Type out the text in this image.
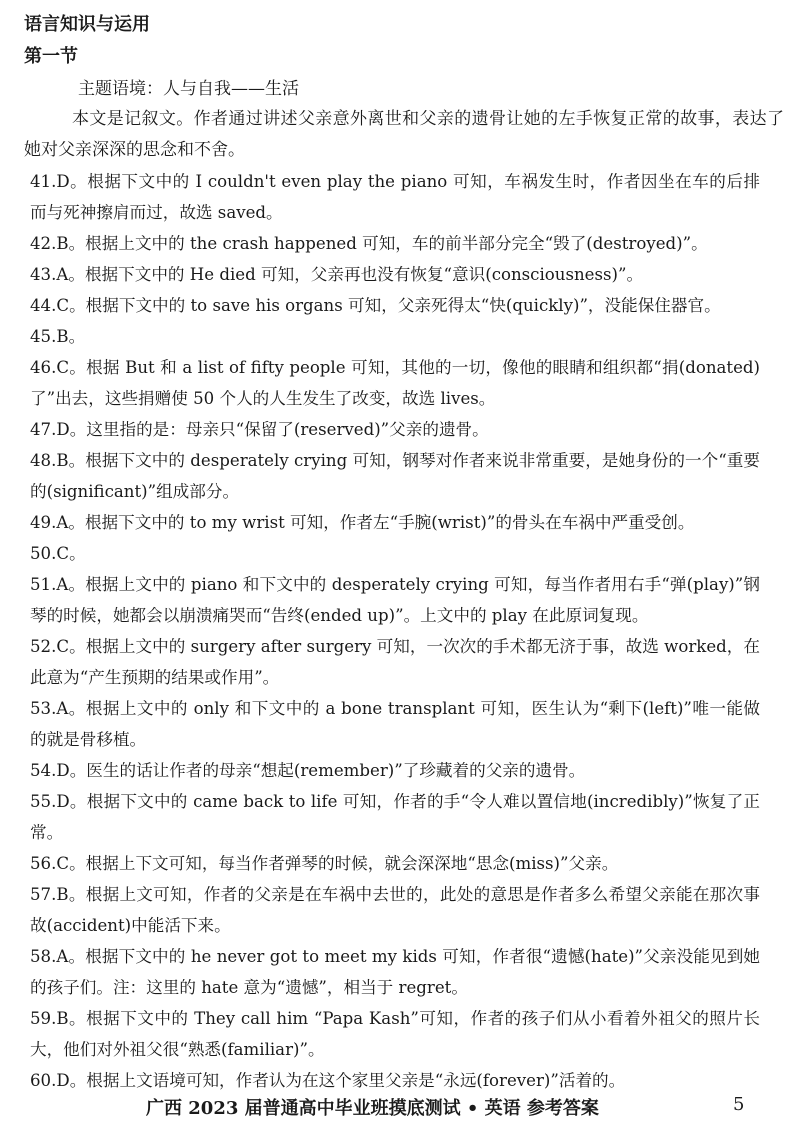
语言知识与运用
第一节
主题语境：人与自我——生活
本文是记叙文。作者通过讲述父亲意外离世和父亲的遗骨让她的左手恢复正常的故事，表达了她对父亲深深的思念和不舍。
41.D。根据下文中的 I couldn't even play the piano 可知，车祸发生时，作者因坐在车的后排而与死神擦肩而过，故选 saved。
42.B。根据上文中的 the crash happened 可知，车的前半部分完全“毁了(destroyed)”。
43.A。根据下文中的 He died 可知，父亲再也没有恢复“意识(consciousness)”。
44.C。根据下文中的 to save his organs 可知，父亲死得太“快(quickly)”，没能保住器官。
45.B。
46.C。根据 But 和 a list of fifty people 可知，其他的一切，像他的眼睛和组织都“捐(donated)了”出去，这些捐赠使 50 个人的人生发生了改变，故选 lives。
47.D。这里指的是：母亲只“保留了(reserved)”父亲的遗骨。
48.B。根据下文中的 desperately crying 可知，钢琴对作者来说非常重要，是她身份的一个“重要的(significant)”组成部分。
49.A。根据下文中的 to my wrist 可知，作者左“手腕(wrist)”的骨头在车祸中严重受创。
50.C。
51.A。根据上文中的 piano 和下文中的 desperately crying 可知，每当作者用右手“弹(play)”钢琴的时候，她都会以崩溃痛哭而“告终(ended up)”。上文中的 play 在此原词复现。
52.C。根据上文中的 surgery after surgery 可知，一次次的手术都无济于事，故选 worked，在此意为“产生预期的结果或作用”。
53.A。根据上文中的 only 和下文中的 a bone transplant 可知，医生认为“剩下(left)”唯一能做的就是骨移植。
54.D。医生的话让作者的母亲“想起(remember)”了珍藏着的父亲的遗骨。
55.D。根据下文中的 came back to life 可知，作者的手“令人难以置信地(incredibly)”恢复了正常。
56.C。根据上下文可知，每当作者弹琴的时候，就会深深地“思念(miss)”父亲。
57.B。根据上文可知，作者的父亲是在车祸中去世的，此处的意思是作者多么希望父亲能在那次事故(accident)中能活下来。
58.A。根据下文中的 he never got to meet my kids 可知，作者很“遗憾(hate)”父亲没能见到她的孩子们。注：这里的 hate 意为“遗憾”，相当于 regret。
59.B。根据下文中的 They call him “Papa Kash”可知，作者的孩子们从小看着外祖父的照片长大，他们对外祖父很“熟悉(familiar)”。
60.D。根据上文语境可知，作者认为在这个家里父亲是“永远(forever)”活着的。
广西 2023 届普通高中毕业班摸底测试 • 英语 参考答案	5
